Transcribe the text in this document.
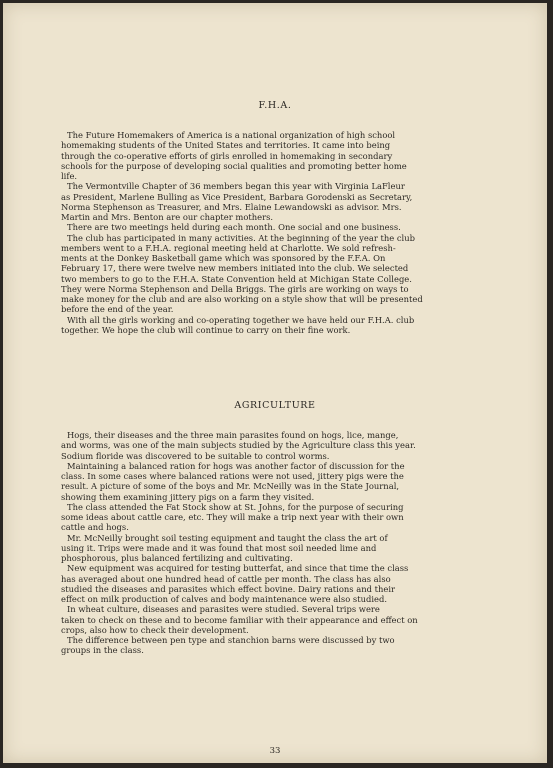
F.H.A.
The Future Homemakers of America is a national organization of high school
homemaking students of the United States and territories. It came into being
through the co-operative efforts of girls enrolled in homemaking in secondary
schools for the purpose of developing social qualities and promoting better home
life.
The Vermontville Chapter of 36 members began this year with Virginia LaFleur
as President, Marlene Bulling as Vice President, Barbara Gorodenski as Secretary,
Norma Stephenson as Treasurer, and Mrs. Elaine Lewandowski as advisor. Mrs.
Martin and Mrs. Benton are our chapter mothers.
There are two meetings held during each month. One social and one business.
The club has participated in many activities. At the beginning of the year the club
members went to a F.H.A. regional meeting held at Charlotte. We sold refresh-
ments at the Donkey Basketball game which was sponsored by the F.F.A. On
February 17, there were twelve new members initiated into the club. We selected
two members to go to the F.H.A. State Convention held at Michigan State College.
They were Norma Stephenson and Della Briggs. The girls are working on ways to
make money for the club and are also working on a style show that will be presented
before the end of the year.
With all the girls working and co-operating together we have held our F.H.A. club
together. We hope the club will continue to carry on their fine work.
AGRICULTURE
Hogs, their diseases and the three main parasites found on hogs, lice, mange,
and worms, was one of the main subjects studied by the Agriculture class this year.
Sodium floride was discovered to be suitable to control worms.
Maintaining a balanced ration for hogs was another factor of discussion for the
class. In some cases where balanced rations were not used, jittery pigs were the
result. A picture of some of the boys and Mr. McNeilly was in the State Journal,
showing them examining jittery pigs on a farm they visited.
The class attended the Fat Stock show at St. Johns, for the purpose of securing
some ideas about cattle care, etc. They will make a trip next year with their own
cattle and hogs.
Mr. McNeilly brought soil testing equipment and taught the class the art of
using it. Trips were made and it was found that most soil needed lime and
phosphorous, plus balanced fertilizing and cultivating.
New equipment was acquired for testing butterfat, and since that time the class
has averaged about one hundred head of cattle per month. The class has also
studied the diseases and parasites which effect bovine. Dairy rations and their
effect on milk production of calves and body maintenance were also studied.
In wheat culture, diseases and parasites were studied. Several trips were
taken to check on these and to become familiar with their appearance and effect on
crops, also how to check their development.
The difference between pen type and stanchion barns were discussed by two
groups in the class.
33
